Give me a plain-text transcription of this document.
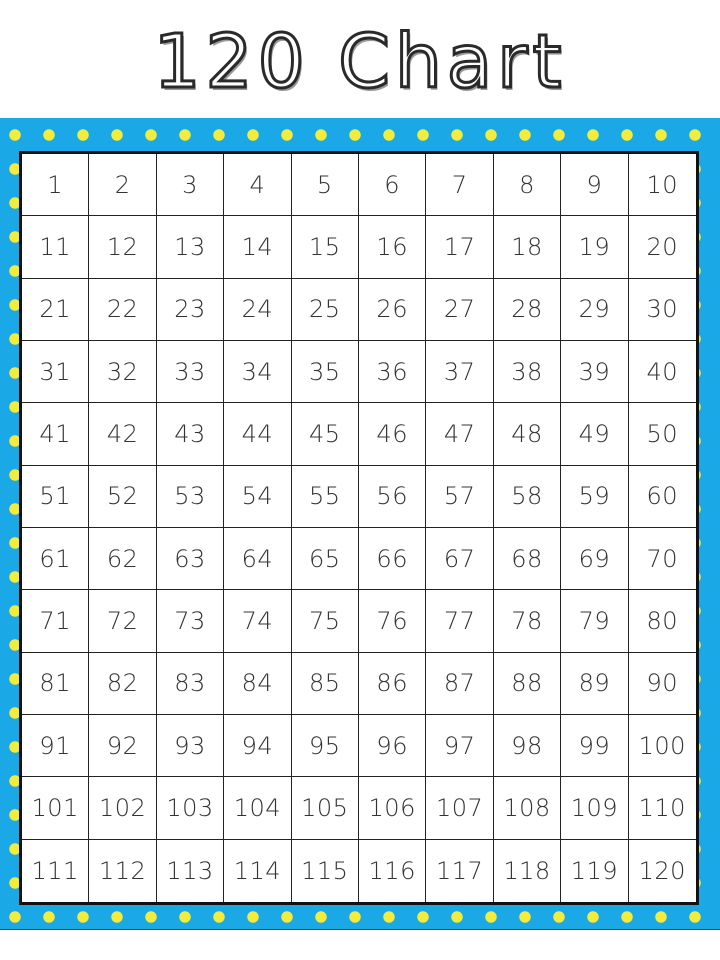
120 Chart
1	2	3	4	5	6	7	8	9	10
11	12	13	14	15	16	17	18	19	20
21	22	23	24	25	26	27	28	29	30
31	32	33	34	35	36	37	38	39	40
41	42	43	44	45	46	47	48	49	50
51	52	53	54	55	56	57	58	59	60
61	62	63	64	65	66	67	68	69	70
71	72	73	74	75	76	77	78	79	80
81	82	83	84	85	86	87	88	89	90
91	92	93	94	95	96	97	98	99	100
101 102 103 104 105 106 107 108 109 110
111 112 113 114 115 116 117 118 119 120
